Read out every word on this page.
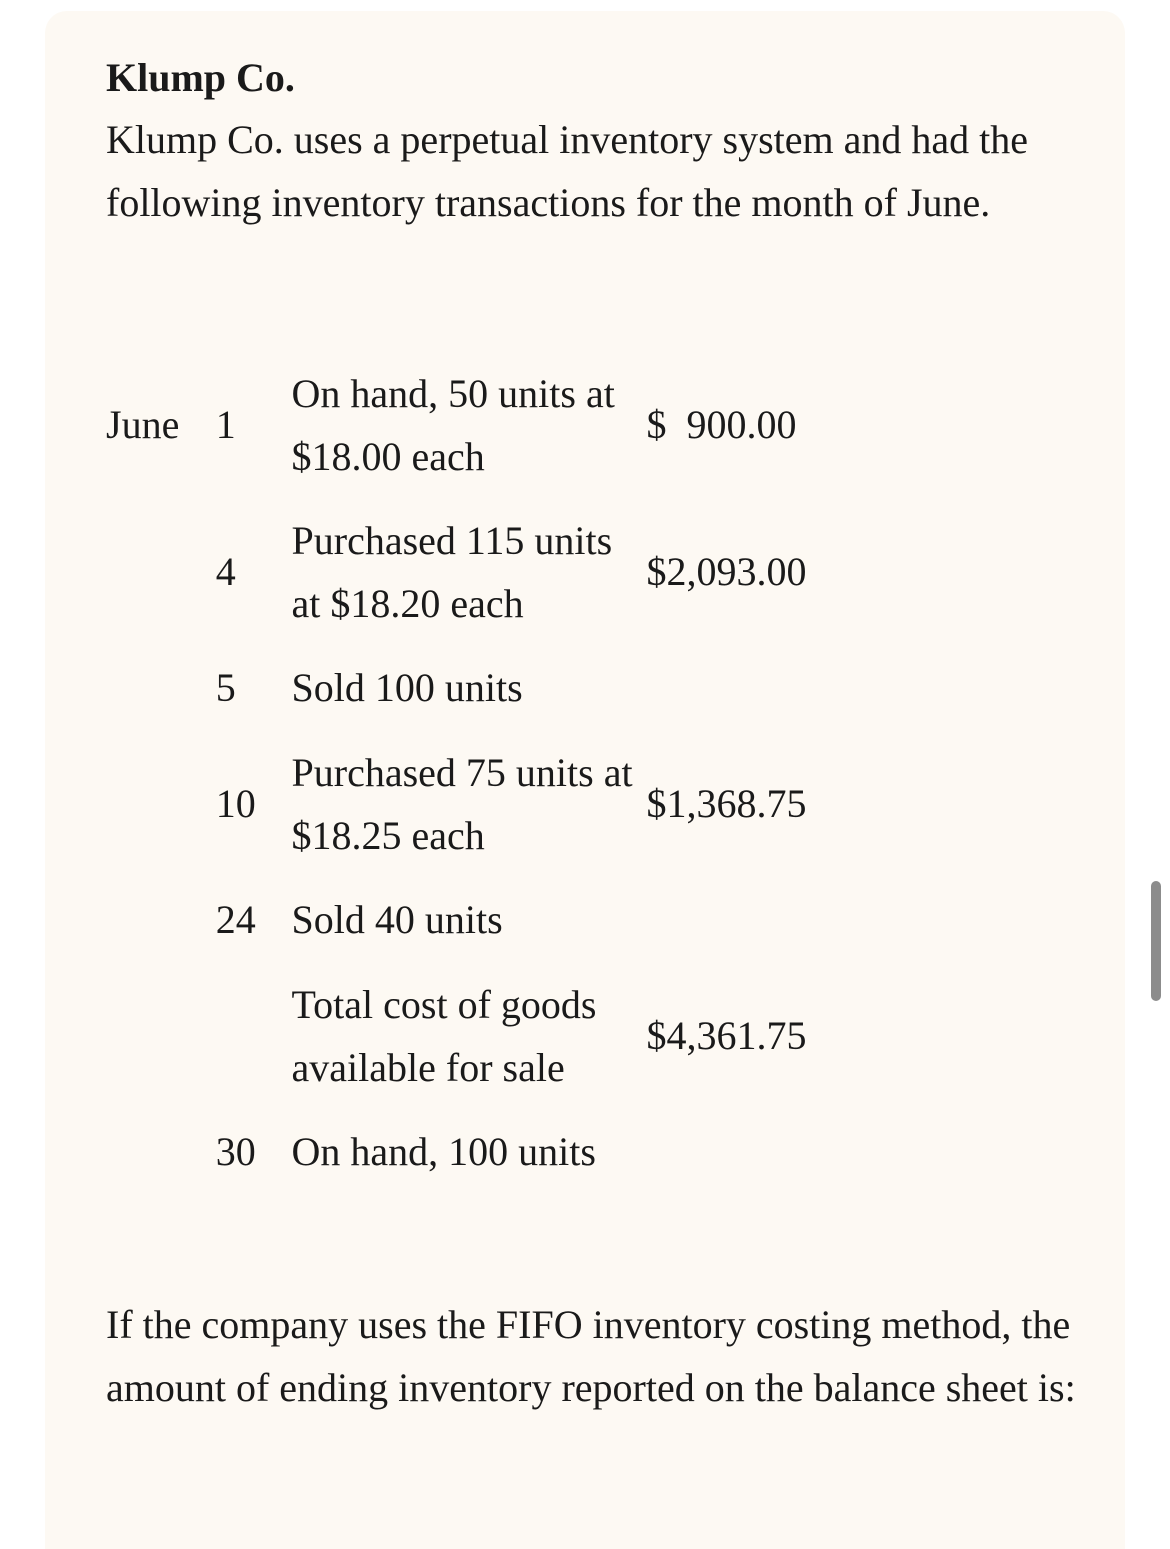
Klump Co.

Klump Co. uses a perpetual inventory system and had the following inventory transactions for the month of June.

June 1
On hand, 50 units at $18.00 each
$  900.00
4
Purchased 115 units at $18.20 each
$2,093.00
5	Sold 100 units
10
Purchased 75 units at $18.25 each
$1,368.75
24 Sold 40 units
Total cost of goods available for sale
$4,361.75
30 On hand, 100 units

If the company uses the FIFO inventory costing method, the amount of ending inventory reported on the balance sheet is:
